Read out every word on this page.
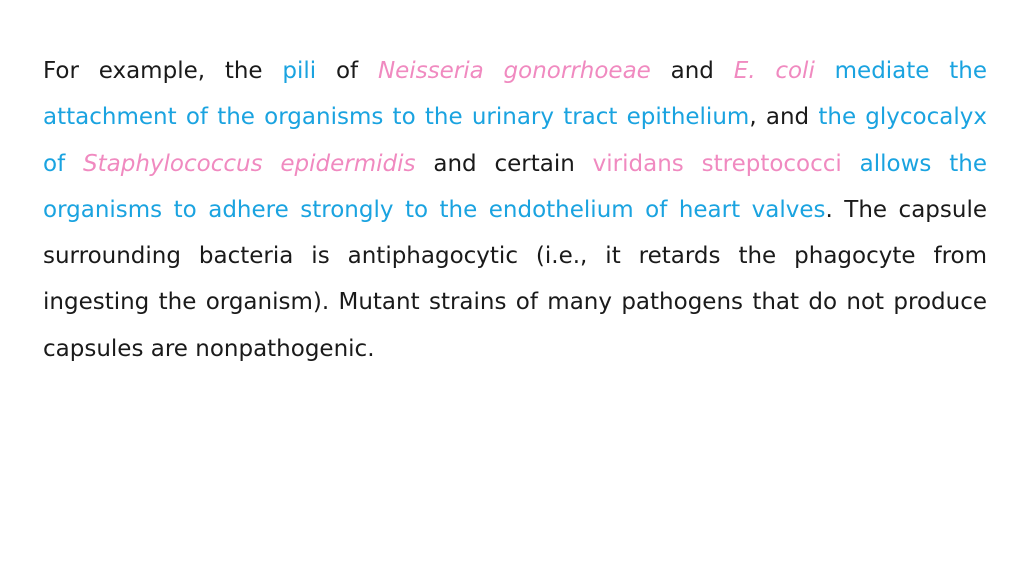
For example, the pili of Neisseria gonorrhoeae and E. coli mediate the attachment of the organisms to the urinary tract epithelium, and the glycocalyx of Staphylococcus epidermidis and certain viridans streptococci allows the organisms to adhere strongly to the endothelium of heart valves. The capsule surrounding bacteria is antiphagocytic (i.e., it retards the phagocyte from ingesting the organism). Mutant strains of many pathogens that do not produce capsules are nonpathogenic.
